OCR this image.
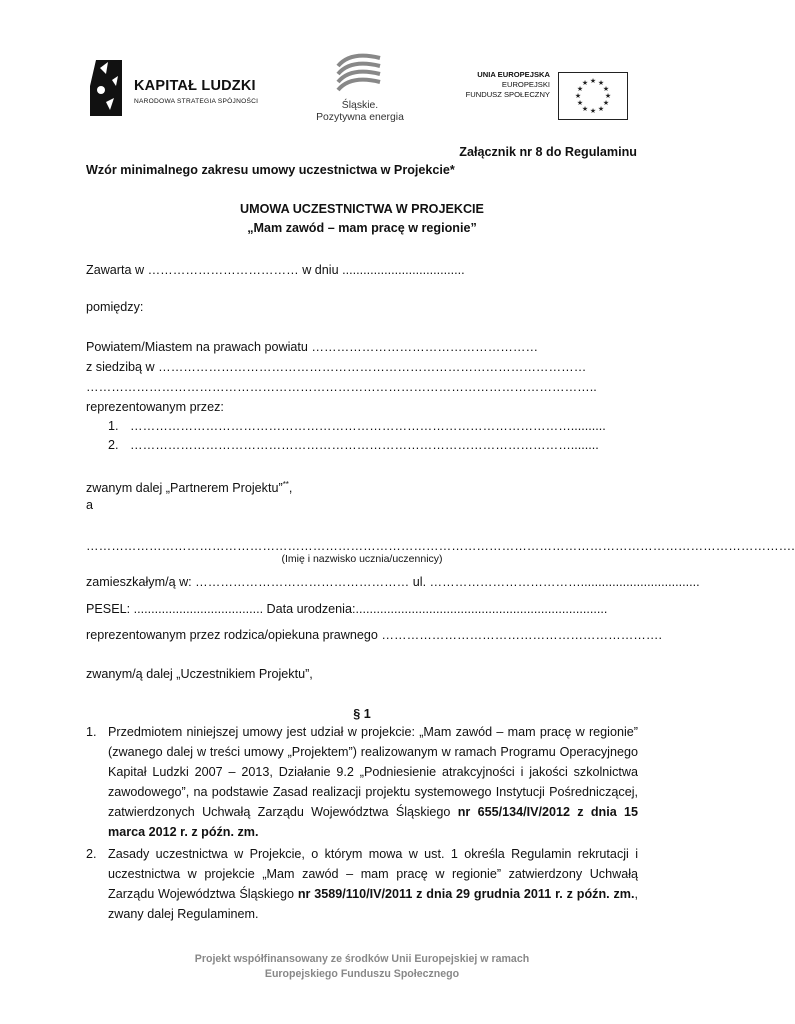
KAPITAŁ LUDZKI
NARODOWA STRATEGIA SPÓJNOŚCI	Śląskie.
Pozytywna energia
UNIA EUROPEJSKA
EUROPEJSKI
FUNDUSZ SPOŁECZNY
★ ★
★
★
★
★
★
★
★
★
★
★
Załącznik nr 8 do Regulaminu
Wzór minimalnego zakresu umowy uczestnictwa w Projekcie*
UMOWA UCZESTNICTWA W PROJEKCIE
„Mam zawód – mam pracę w regionie”
Zawarta w ……………………………… w dniu ...................................
pomiędzy:
Powiatem/Miastem na prawach powiatu ………………………………………………
z siedzibą w …………………………………………………………………………………………
…………………………………………………………………………………………………………..
reprezentowanym przez:
1. ……………………………………………………………………………………………..........
2. ……………………………………………………………………………………………........
zwanym dalej „Partnerem Projektu”**,
a
…………………………………………………………………………………………………………………………………………………….
(Imię i nazwisko ucznia/uczennicy)
zamieszkałym/ą w: …………………………………………… ul. ………………………………..................................
PESEL: ..................................... Data urodzenia:........................................................................
reprezentowanym przez rodzica/opiekuna prawnego ………………………………………………………….
zwanym/ą dalej „Uczestnikiem Projektu”,
§ 1
1. Przedmiotem niniejszej umowy jest udział w projekcie: „Mam zawód – mam pracę w regionie” (zwanego dalej w treści umowy „Projektem”) realizowanym w ramach Programu Operacyjnego Kapitał Ludzki 2007 – 2013, Działanie 9.2 „Podniesienie atrakcyjności i jakości szkolnictwa zawodowego”, na podstawie Zasad realizacji projektu systemowego Instytucji Pośredniczącej, zatwierdzonych Uchwałą Zarządu Województwa Śląskiego nr 655/134/IV/2012 z dnia 15 marca 2012 r. z późn. zm.
2. Zasady uczestnictwa w Projekcie, o którym mowa w ust. 1 określa Regulamin rekrutacji i uczestnictwa w projekcie „Mam zawód – mam pracę w regionie” zatwierdzony Uchwałą Zarządu Województwa Śląskiego nr 3589/110/IV/2011 z dnia 29 grudnia 2011 r. z późn. zm., zwany dalej Regulaminem.
Projekt współfinansowany ze środków Unii Europejskiej w ramach
Europejskiego Funduszu Społecznego
